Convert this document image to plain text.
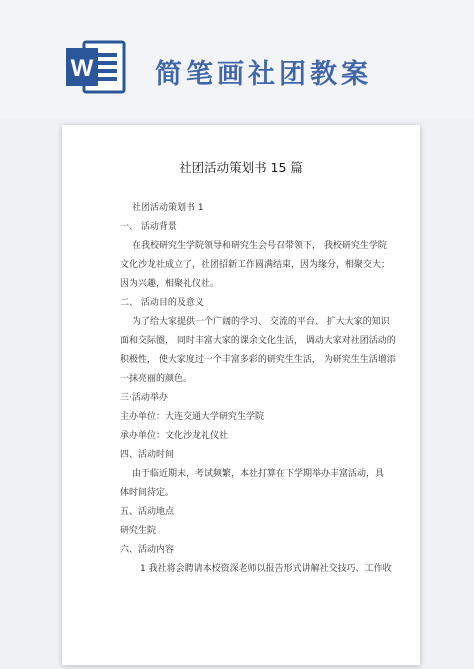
W 简笔画社团教案
社团活动策划书 15 篇
社团活动策划书 1
一、 活动背景
在我校研究生学院领导和研究生会号召带领下， 我校研究生学院
文化沙龙社成立了，社团招新工作圆满结束，因为缘分，相聚交大；
因为兴趣，相聚礼仪社。
二、 活动目的及意义
为了给大家提供一个广阔的学习、 交流的平台、 扩大大家的知识
面和交际圈， 同时丰富大家的课余文化生活， 调动大家对社团活动的
积极性， 使大家度过一个丰富多彩的研究生生活， 为研究生生活增添
一抹亮丽的颜色。
三·活动举办
主办单位：大连交通大学研究生学院
承办单位：文化沙龙礼仪社
四、活动时间
由于临近期末，考试频繁，本社打算在下学期举办丰富活动，具
体时间待定。
五、活动地点
研究生院
六、活动内容
1 我社将会聘请本校资深老师以报告形式讲解社交技巧、工作收
